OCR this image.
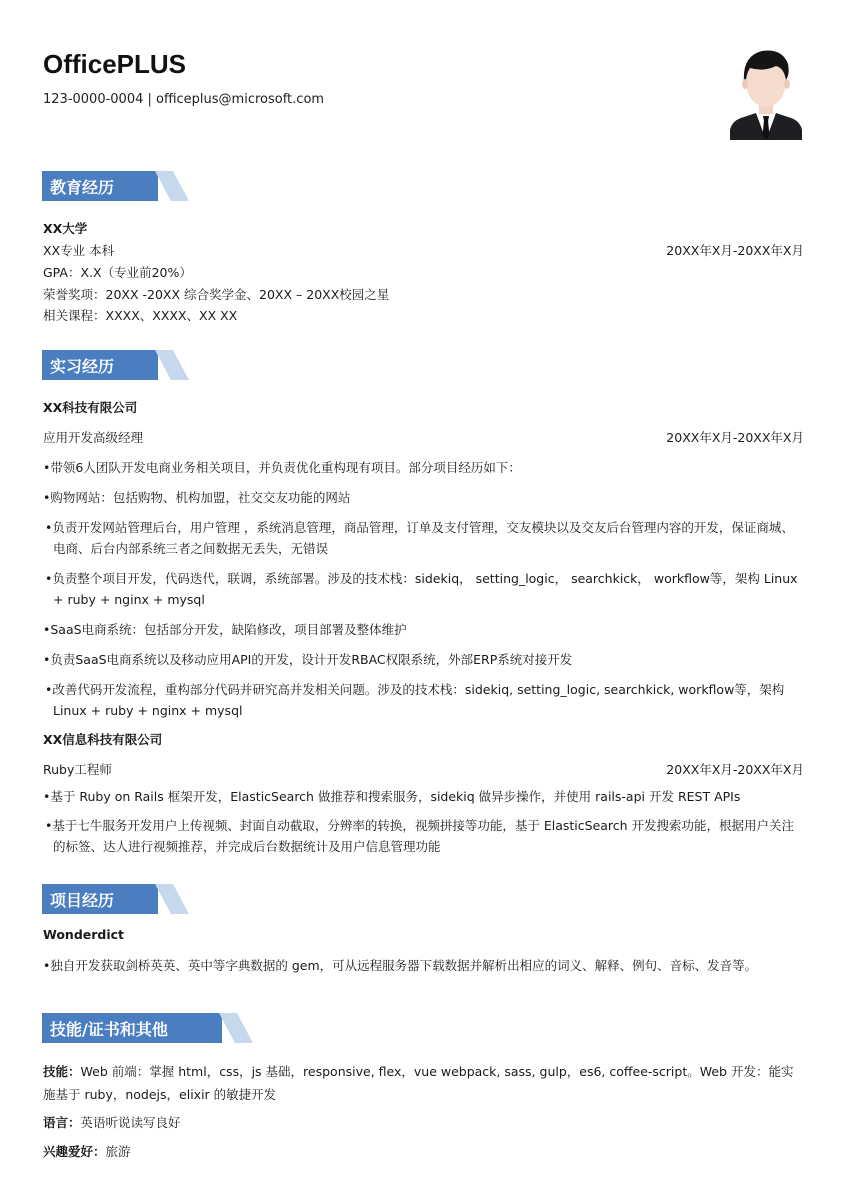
OfficePLUS
123-0000-0004 | officeplus@microsoft.com
教育经历
XX大学
XX专业 本科	20XX年X月-20XX年X月
GPA：X.X（专业前20%）
荣誉奖项：20XX -20XX 综合奖学金、20XX – 20XX校园之星
相关课程：XXXX、XXXX、XX XX
实习经历
XX科技有限公司
应用开发高级经理	20XX年X月-20XX年X月
•带领6人团队开发电商业务相关项目，并负责优化重构现有项目。部分项目经历如下：
•购物网站：包括购物、机构加盟，社交交友功能的网站
•负责开发网站管理后台，用户管理 ，系统消息管理，商品管理，订单及支付管理，交友模块以及交友后台管理内容的开发，保证商城、电商、后台内部系统三者之间数据无丢失，无错误
•负责整个项目开发，代码迭代，联调，系统部署。涉及的技术栈：sidekiq， setting_logic， searchkick， workflow等，架构 Linux + ruby + nginx + mysql
•SaaS电商系统：包括部分开发，缺陷修改，项目部署及整体维护
•负责SaaS电商系统以及移动应用API的开发，设计开发RBAC权限系统，外部ERP系统对接开发
•改善代码开发流程，重构部分代码并研究高并发相关问题。涉及的技术栈：sidekiq, setting_logic, searchkick, workflow等，架构 Linux + ruby + nginx + mysql
XX信息科技有限公司
Ruby工程师	20XX年X月-20XX年X月
•基于 Ruby on Rails 框架开发，ElasticSearch 做推荐和搜索服务，sidekiq 做异步操作，并使用 rails-api 开发 REST APIs
•基于七牛服务开发用户上传视频、封面自动截取，分辨率的转换，视频拼接等功能，基于 ElasticSearch 开发搜索功能，根据用户关注的标签、达人进行视频推荐，并完成后台数据统计及用户信息管理功能
项目经历
Wonderdict
•独自开发获取剑桥英英、英中等字典数据的 gem，可从远程服务器下载数据并解析出相应的词义、解释、例句、音标、发音等。
技能/证书和其他
技能：Web 前端：掌握 html，css，js 基础，responsive, flex，vue webpack, sass, gulp，es6, coffee-script。Web 开发：能实施基于 ruby，nodejs，elixir 的敏捷开发
语言：英语听说读写良好
兴趣爱好：旅游
